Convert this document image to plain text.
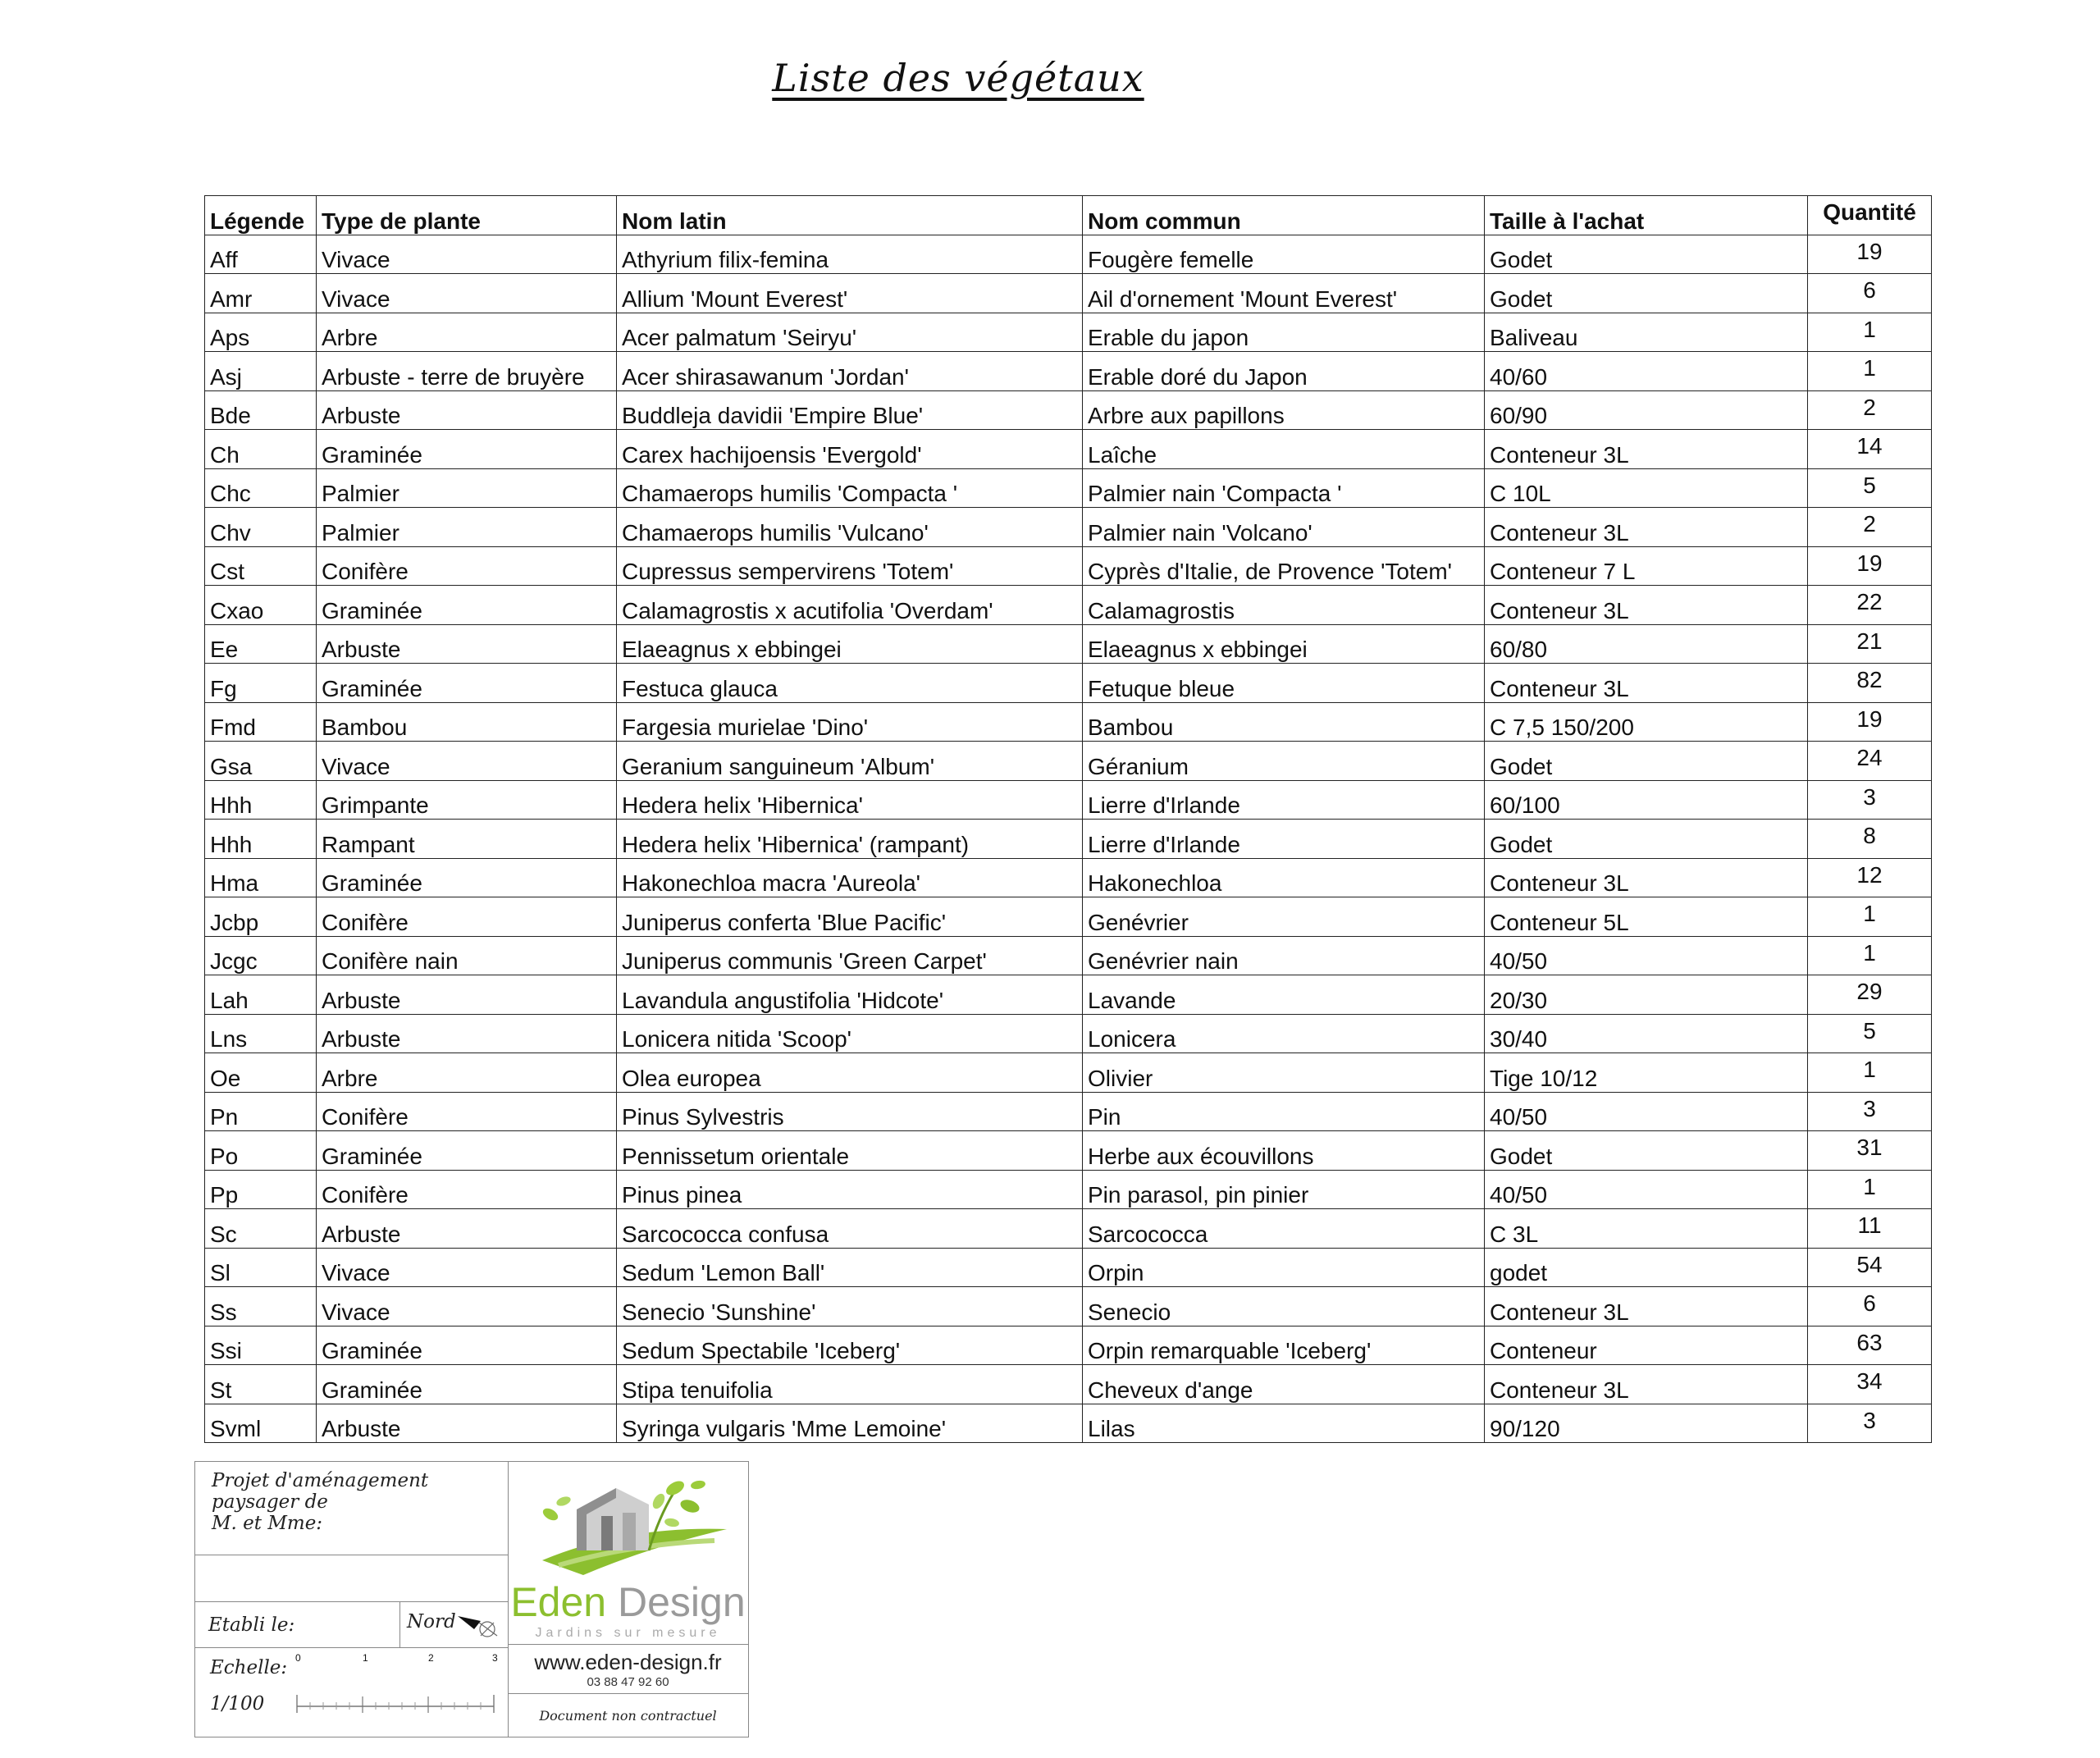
Liste des végétaux
Légende	Type de plante	Nom latin	Nom commun	Taille à l'achat	Quantité
Aff	Vivace	Athyrium filix-femina	Fougère femelle	Godet	19
Amr	Vivace	Allium 'Mount Everest'	Ail d'ornement 'Mount Everest'	Godet	6
Aps	Arbre	Acer palmatum 'Seiryu'	Erable du japon	Baliveau	1
Asj	Arbuste - terre de bruyère	Acer shirasawanum 'Jordan'	Erable doré du Japon	40/60	1
Bde	Arbuste	Buddleja davidii 'Empire Blue'	Arbre aux papillons	60/90	2
Ch	Graminée	Carex hachijoensis 'Evergold'	Laîche	Conteneur 3L	14
Chc	Palmier	Chamaerops humilis 'Compacta '	Palmier nain 'Compacta '	C 10L	5
Chv	Palmier	Chamaerops humilis 'Vulcano'	Palmier nain 'Volcano'	Conteneur 3L	2
Cst	Conifère	Cupressus sempervirens 'Totem'	Cyprès d'Italie, de Provence 'Totem'	Conteneur 7 L	19
Cxao	Graminée	Calamagrostis x acutifolia 'Overdam'	Calamagrostis	Conteneur 3L	22
Ee	Arbuste	Elaeagnus x ebbingei	Elaeagnus x ebbingei	60/80	21
Fg	Graminée	Festuca glauca	Fetuque bleue	Conteneur 3L	82
Fmd	Bambou	Fargesia murielae 'Dino'	Bambou	C 7,5 150/200	19
Gsa	Vivace	Geranium sanguineum 'Album'	Géranium	Godet	24
Hhh	Grimpante	Hedera helix 'Hibernica'	Lierre d'Irlande	60/100	3
Hhh	Rampant	Hedera helix 'Hibernica' (rampant)	Lierre d'Irlande	Godet	8
Hma	Graminée	Hakonechloa macra 'Aureola'	Hakonechloa	Conteneur 3L	12
Jcbp	Conifère	Juniperus conferta 'Blue Pacific'	Genévrier	Conteneur 5L	1
Jcgc	Conifère nain	Juniperus communis 'Green Carpet'	Genévrier nain	40/50	1
Lah	Arbuste	Lavandula angustifolia 'Hidcote'	Lavande	20/30	29
Lns	Arbuste	Lonicera nitida 'Scoop'	Lonicera	30/40	5
Oe	Arbre	Olea europea	Olivier	Tige 10/12	1
Pn	Conifère	Pinus Sylvestris	Pin	40/50	3
Po	Graminée	Pennissetum orientale	Herbe aux écouvillons	Godet	31
Pp	Conifère	Pinus pinea	Pin parasol, pin pinier	40/50	1
Sc	Arbuste	Sarcococca confusa	Sarcococca	C 3L	11
Sl	Vivace	Sedum 'Lemon Ball'	Orpin	godet	54
Ss	Vivace	Senecio 'Sunshine'	Senecio	Conteneur 3L	6
Ssi	Graminée	Sedum Spectabile 'Iceberg'	Orpin remarquable 'Iceberg'	Conteneur	63
St	Graminée	Stipa tenuifolia	Cheveux d'ange	Conteneur 3L	34
Svml	Arbuste	Syringa vulgaris 'Mme Lemoine'	Lilas	90/120	3
Projet d'aménagement paysager de
M. et Mme:
Etabli le:	Nord
Echelle: 0	1	2	3
1/100
Eden Design
Jardins sur mesure
www.eden-design.fr
03 88 47 92 60
Document non contractuel
